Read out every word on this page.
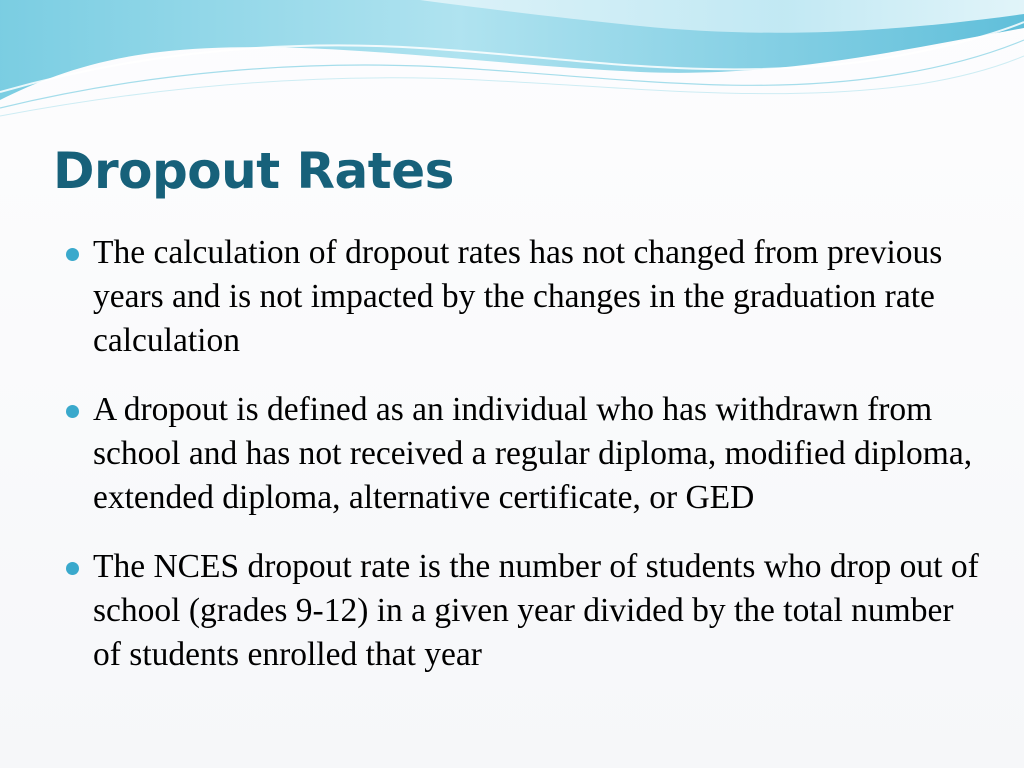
Dropout Rates
The calculation of dropout rates has not changed from previous years and is not impacted by the changes in the graduation rate calculation
A dropout is defined as an individual who has withdrawn from school and has not received a regular diploma, modified diploma, extended diploma, alternative certificate, or GED
The NCES dropout rate is the number of students who drop out of school (grades 9-12) in a given year divided by the total number of students enrolled that year
